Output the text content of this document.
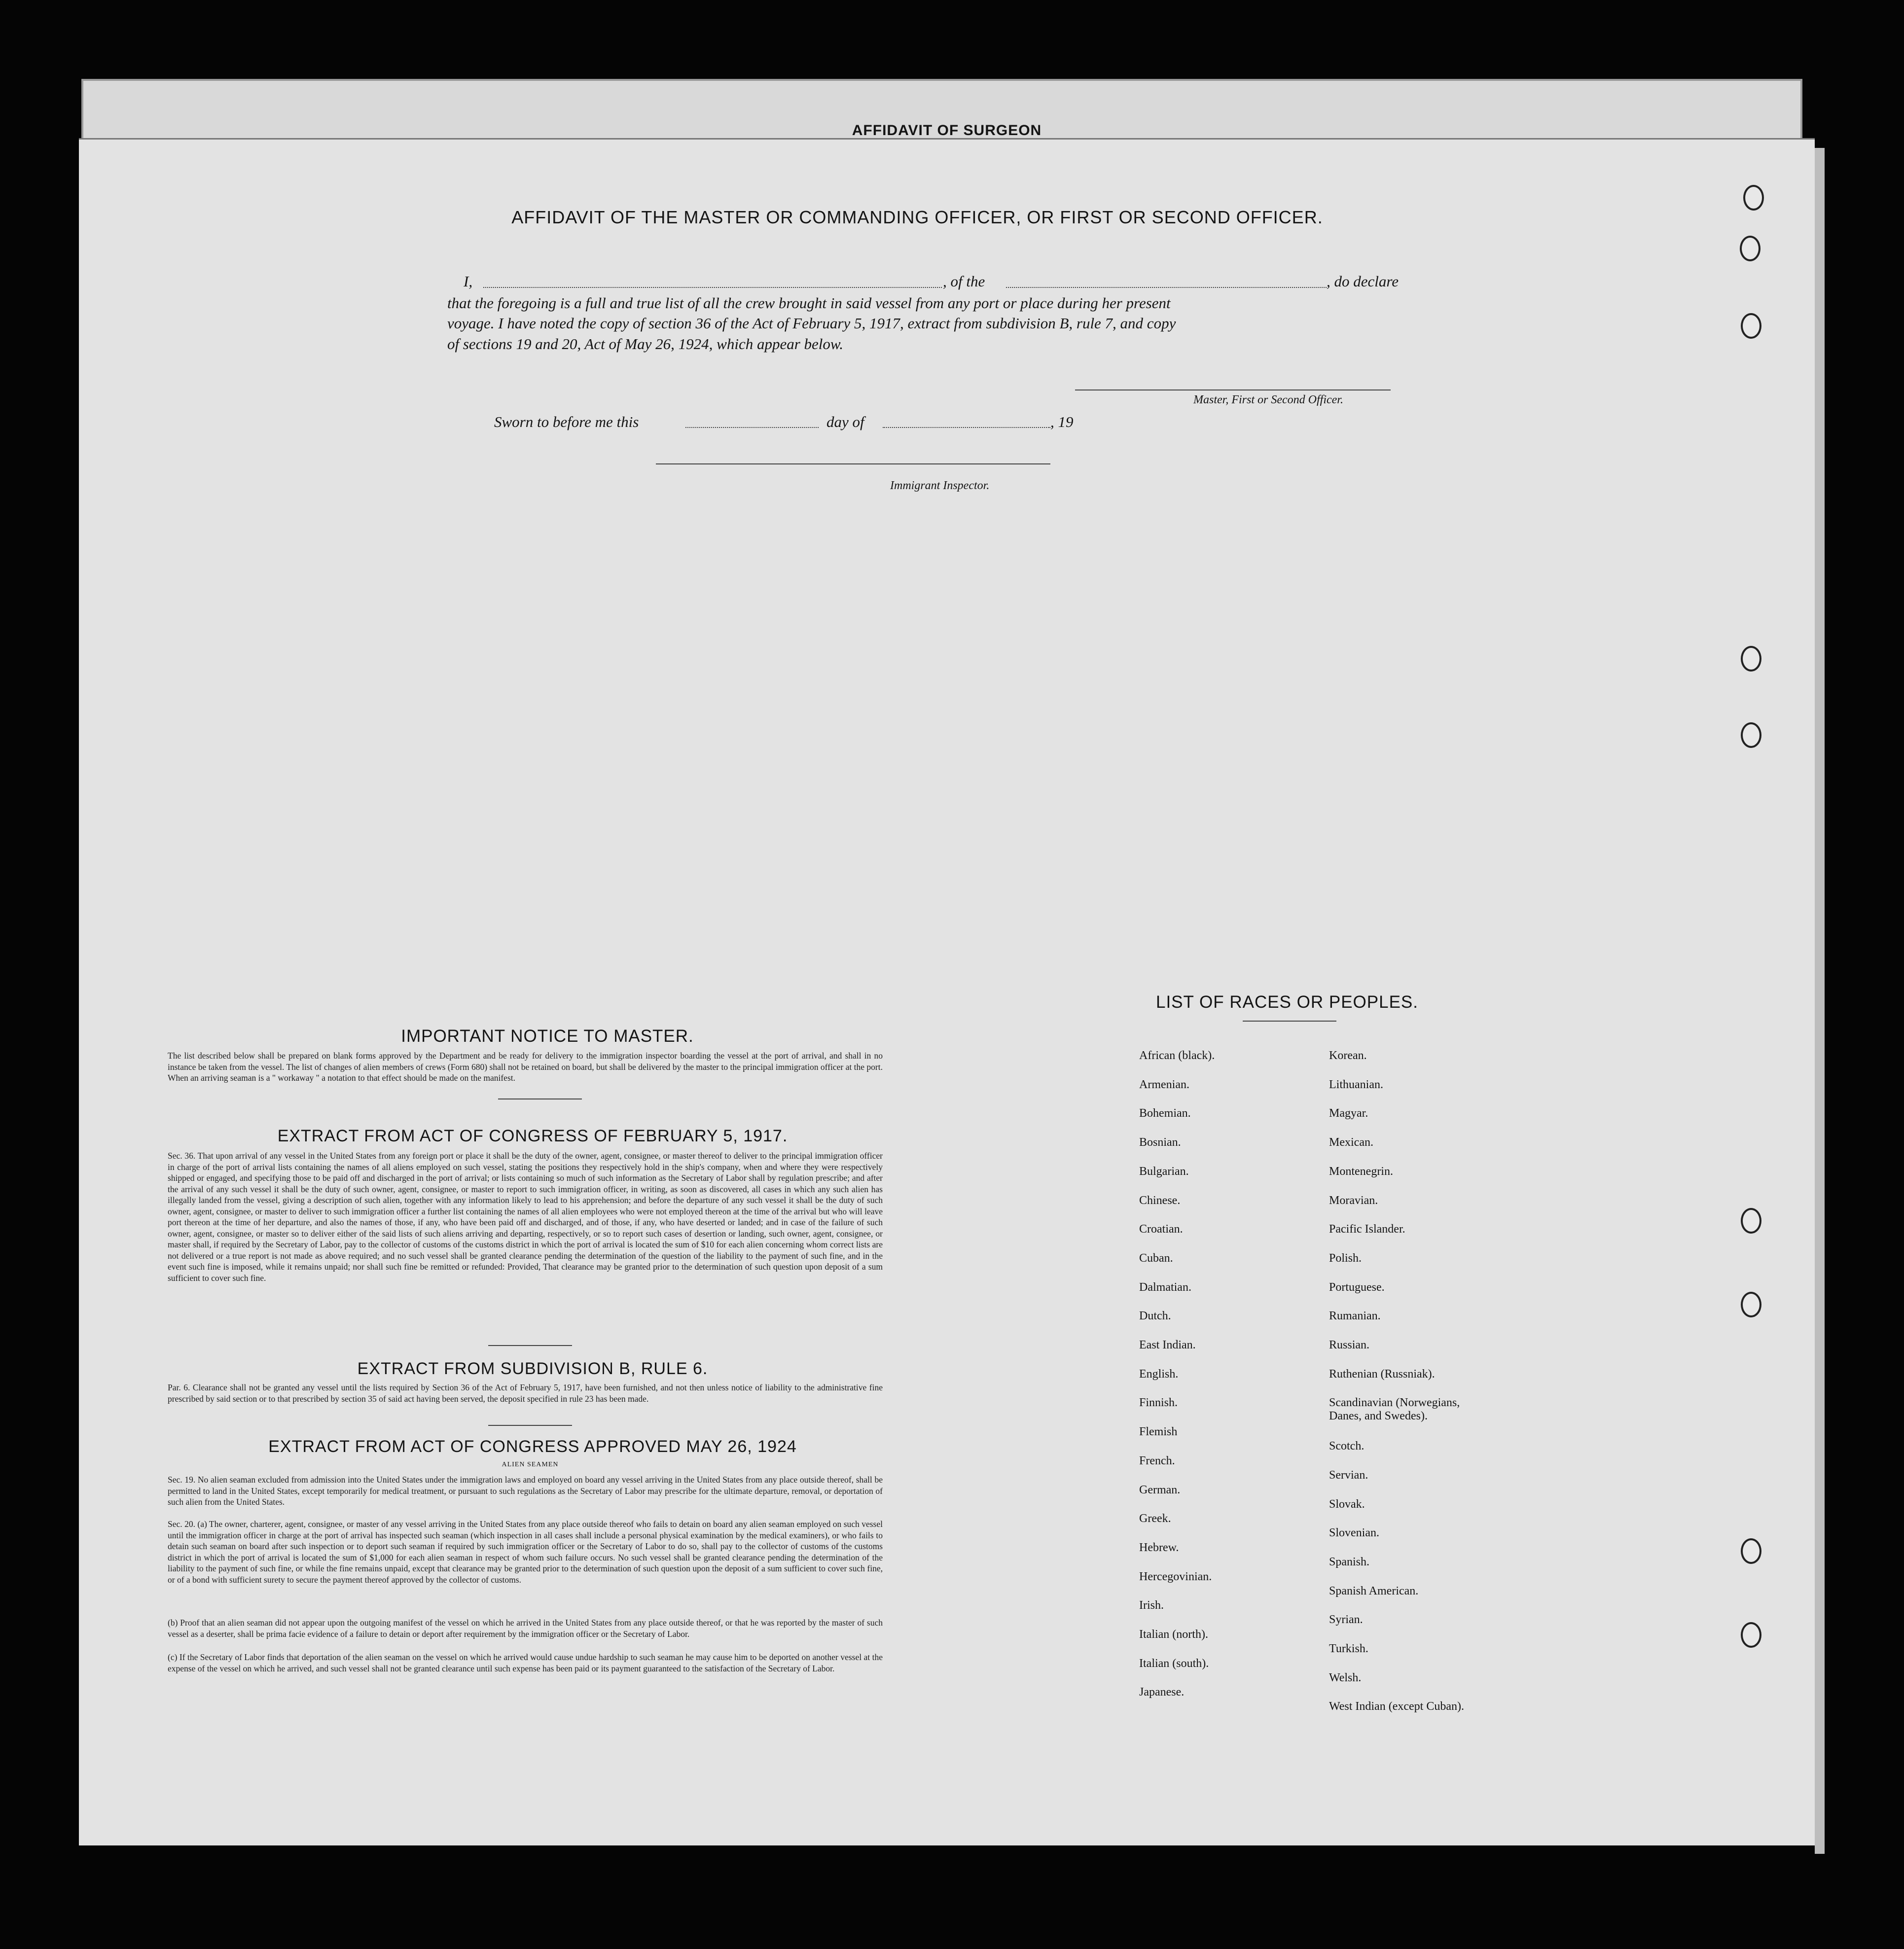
AFFIDAVIT OF SURGEON
AFFIDAVIT OF THE MASTER OR COMMANDING OFFICER, OR FIRST OR SECOND OFFICER.
I,	, of the	, do declare
that the foregoing is a full and true list of all the crew brought in said vessel from any port or place during her present
voyage. I have noted the copy of section 36 of the Act of February 5, 1917, extract from subdivision B, rule 7, and copy
of sections 19 and 20, Act of May 26, 1924, which appear below.
Master, First or Second Officer.
Sworn to before me this	day of	, 19
Immigrant Inspector.
IMPORTANT NOTICE TO MASTER.
The list described below shall be prepared on blank forms approved by the Department and be ready for delivery to the immigration inspector boarding the vessel at the port of arrival, and shall in no instance be taken from the vessel. The list of changes of alien members of crews (Form 680) shall not be retained on board, but shall be delivered by the master to the principal immigration officer at the port. When an arriving seaman is a " workaway " a notation to that effect should be made on the manifest.
EXTRACT FROM ACT OF CONGRESS OF FEBRUARY 5, 1917.
Sec. 36. That upon arrival of any vessel in the United States from any foreign port or place it shall be the duty of the owner, agent, consignee, or master thereof to deliver to the principal immigration officer in charge of the port of arrival lists containing the names of all aliens employed on such vessel, stating the positions they respectively hold in the ship's company, when and where they were respectively shipped or engaged, and specifying those to be paid off and discharged in the port of arrival; or lists containing so much of such information as the Secretary of Labor shall by regulation prescribe; and after the arrival of any such vessel it shall be the duty of such owner, agent, consignee, or master to report to such immigration officer, in writing, as soon as discovered, all cases in which any such alien has illegally landed from the vessel, giving a description of such alien, together with any information likely to lead to his apprehension; and before the departure of any such vessel it shall be the duty of such owner, agent, consignee, or master to deliver to such immigration officer a further list containing the names of all alien employees who were not employed thereon at the time of the arrival but who will leave port thereon at the time of her departure, and also the names of those, if any, who have been paid off and discharged, and of those, if any, who have deserted or landed; and in case of the failure of such owner, agent, consignee, or master so to deliver either of the said lists of such aliens arriving and departing, respectively, or so to report such cases of desertion or landing, such owner, agent, consignee, or master shall, if required by the Secretary of Labor, pay to the collector of customs of the customs district in which the port of arrival is located the sum of $10 for each alien concerning whom correct lists are not delivered or a true report is not made as above required; and no such vessel shall be granted clearance pending the determination of the question of the liability to the payment of such fine, and in the event such fine is imposed, while it remains unpaid; nor shall such fine be remitted or refunded: Provided, That clearance may be granted prior to the determination of such question upon deposit of a sum sufficient to cover such fine.
EXTRACT FROM SUBDIVISION B, RULE 6.
Par. 6. Clearance shall not be granted any vessel until the lists required by Section 36 of the Act of February 5, 1917, have been furnished, and not then unless notice of liability to the administrative fine prescribed by said section or to that prescribed by section 35 of said act having been served, the deposit specified in rule 23 has been made.
EXTRACT FROM ACT OF CONGRESS APPROVED MAY 26, 1924
ALIEN SEAMEN
Sec. 19. No alien seaman excluded from admission into the United States under the immigration laws and employed on board any vessel arriving in the United States from any place outside thereof, shall be permitted to land in the United States, except temporarily for medical treatment, or pursuant to such regulations as the Secretary of Labor may prescribe for the ultimate departure, removal, or deportation of such alien from the United States.
Sec. 20. (a) The owner, charterer, agent, consignee, or master of any vessel arriving in the United States from any place outside thereof who fails to detain on board any alien seaman employed on such vessel until the immigration officer in charge at the port of arrival has inspected such seaman (which inspection in all cases shall include a personal physical examination by the medical examiners), or who fails to detain such seaman on board after such inspection or to deport such seaman if required by such immigration officer or the Secretary of Labor to do so, shall pay to the collector of customs of the customs district in which the port of arrival is located the sum of $1,000 for each alien seaman in respect of whom such failure occurs. No such vessel shall be granted clearance pending the determination of the liability to the payment of such fine, or while the fine remains unpaid, except that clearance may be granted prior to the determination of such question upon the deposit of a sum sufficient to cover such fine, or of a bond with sufficient surety to secure the payment thereof approved by the collector of customs.
(b) Proof that an alien seaman did not appear upon the outgoing manifest of the vessel on which he arrived in the United States from any place outside thereof, or that he was reported by the master of such vessel as a deserter, shall be prima facie evidence of a failure to detain or deport after requirement by the immigration officer or the Secretary of Labor.
(c) If the Secretary of Labor finds that deportation of the alien seaman on the vessel on which he arrived would cause undue hardship to such seaman he may cause him to be deported on another vessel at the expense of the vessel on which he arrived, and such vessel shall not be granted clearance until such expense has been paid or its payment guaranteed to the satisfaction of the Secretary of Labor.
LIST OF RACES OR PEOPLES.
African (black).
Armenian.
Bohemian.
Bosnian.
Bulgarian.
Chinese.
Croatian.
Cuban.
Dalmatian.
Dutch.
East Indian.
English.
Finnish.
Flemish
French.
German.
Greek.
Hebrew.
Hercegovinian.
Irish.
Italian (north).
Italian (south).
Japanese.
Korean.
Lithuanian.
Magyar.
Mexican.
Montenegrin.
Moravian.
Pacific Islander.
Polish.
Portuguese.
Rumanian.
Russian.
Ruthenian (Russniak).
Scandinavian (Norwegians, Danes, and Swedes).
Scotch.
Servian.
Slovak.
Slovenian.
Spanish.
Spanish American.
Syrian.
Turkish.
Welsh.
West Indian (except Cuban).
